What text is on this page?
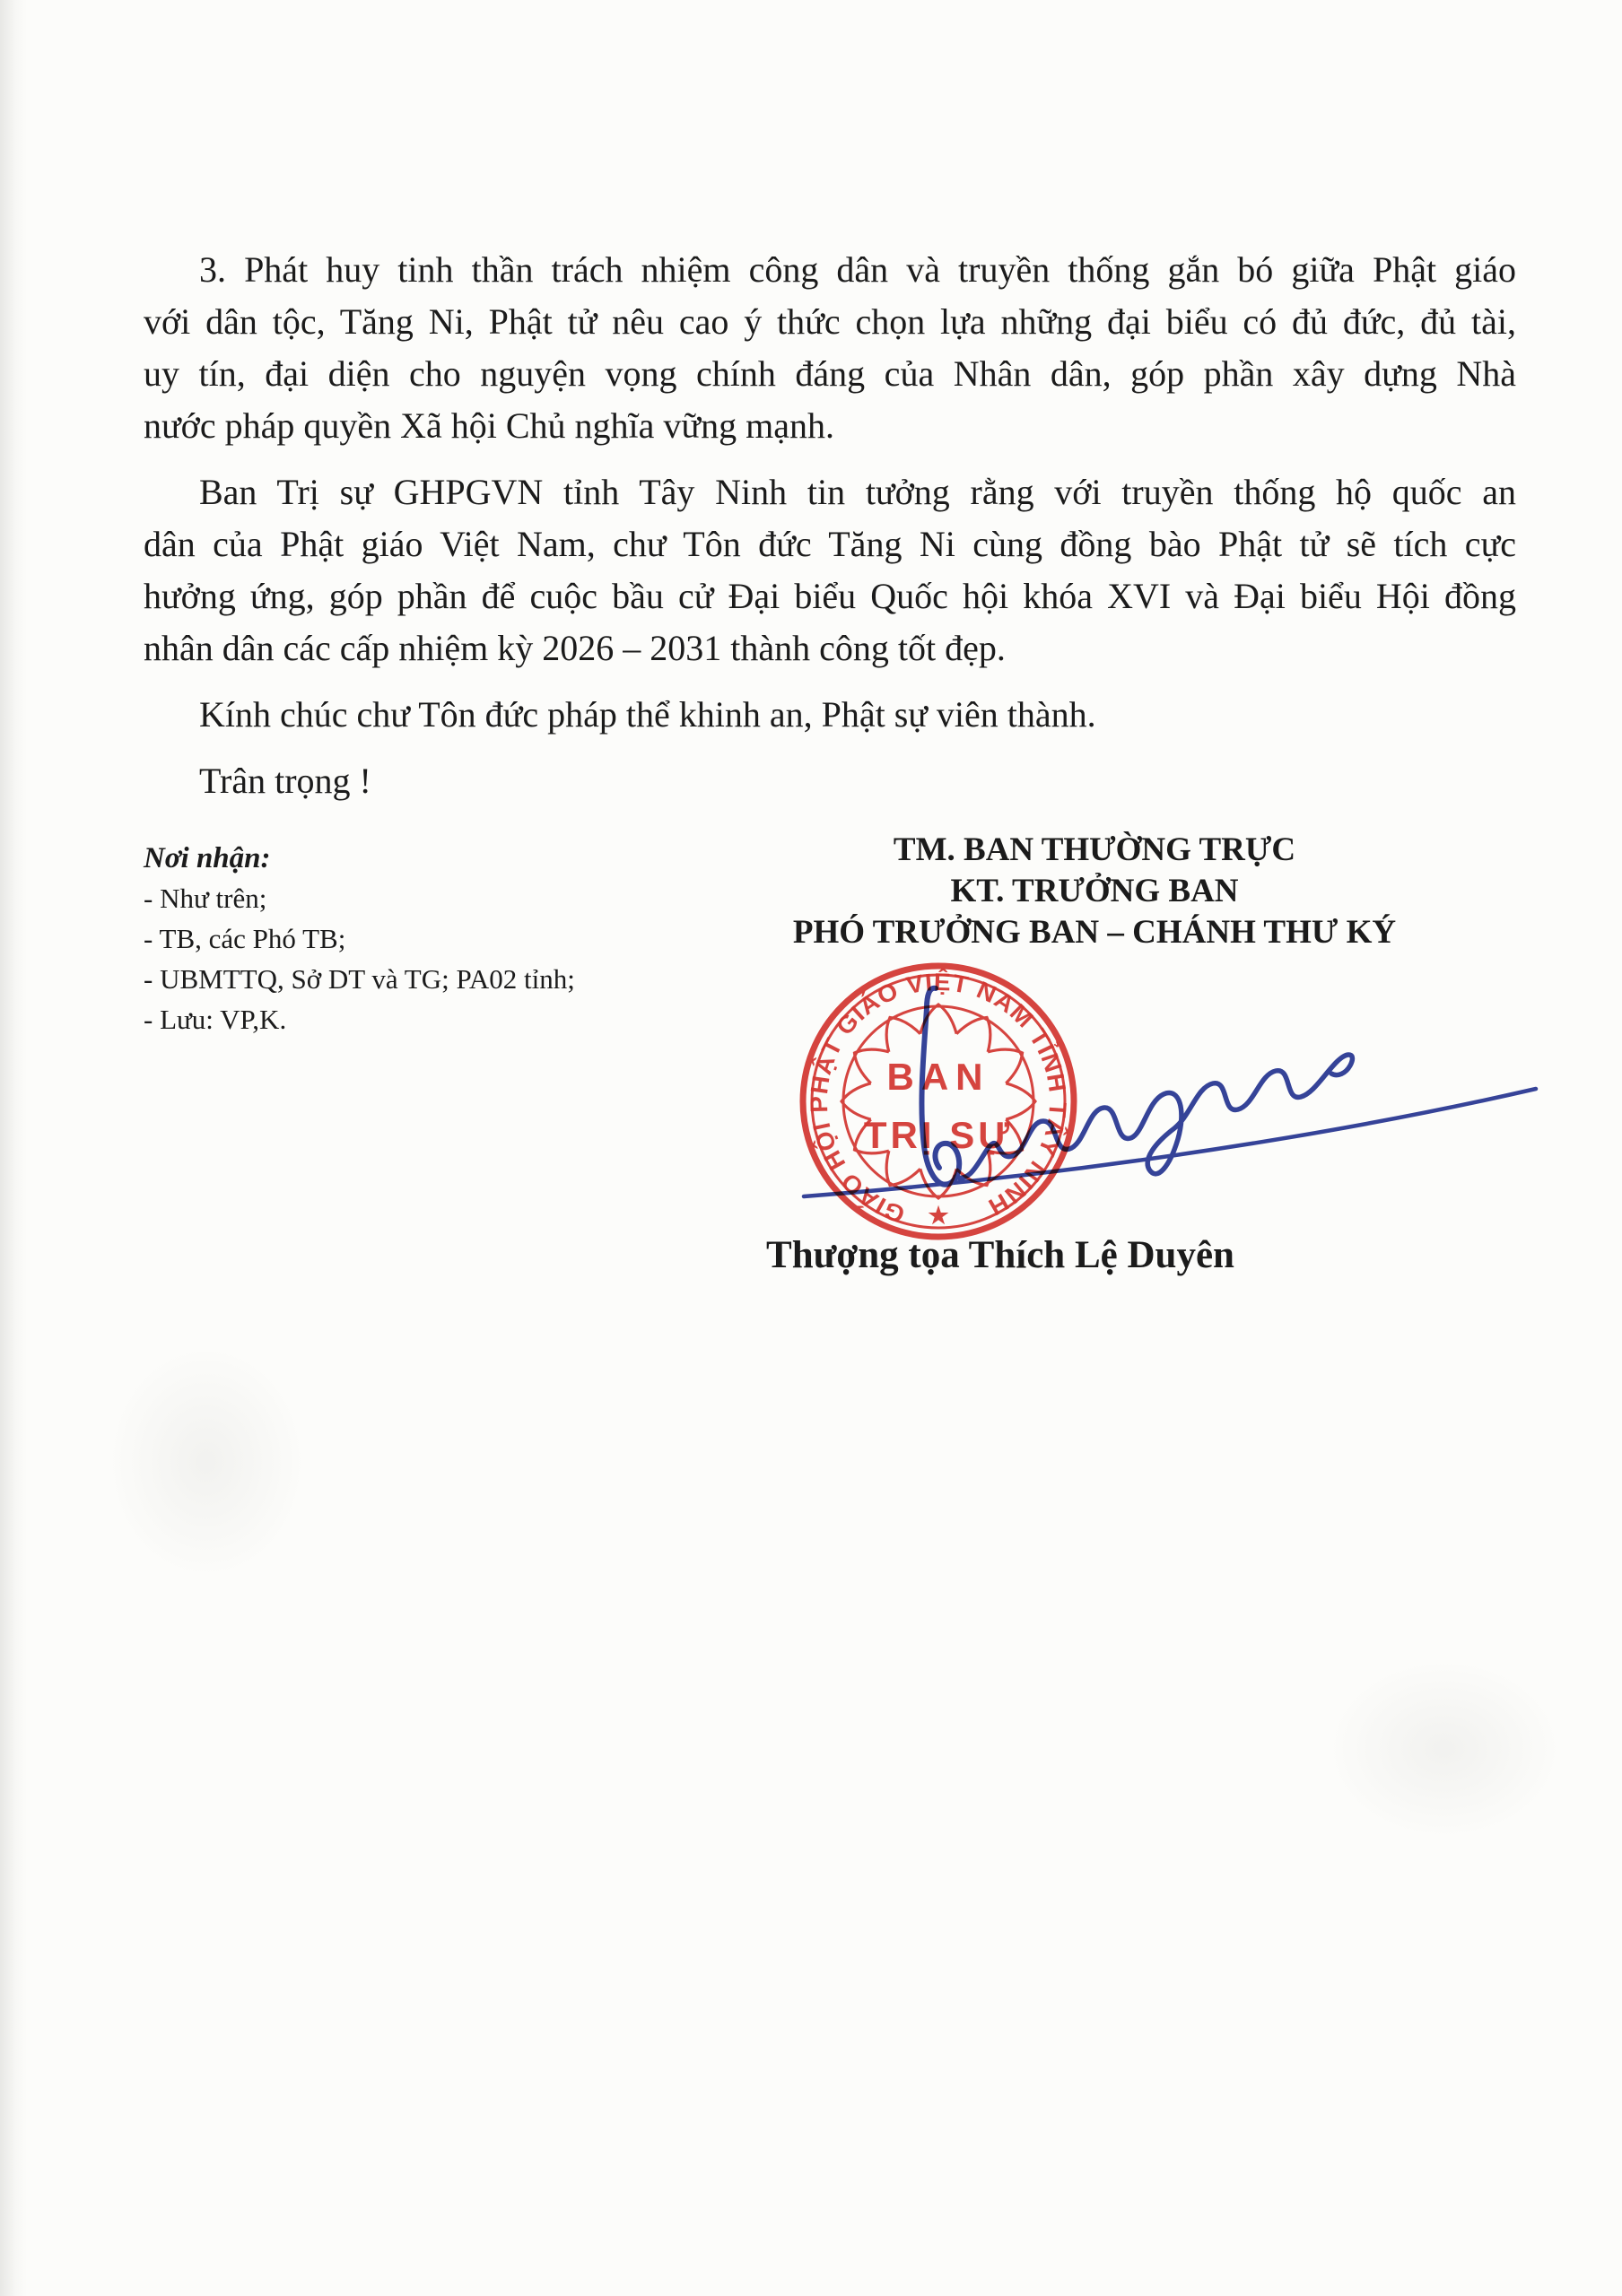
3. Phát huy tinh thần trách nhiệm công dân và truyền thống gắn bó giữa Phật giáo
với dân tộc, Tăng Ni, Phật tử nêu cao ý thức chọn lựa những đại biểu có đủ đức, đủ tài,
uy tín, đại diện cho nguyện vọng chính đáng của Nhân dân, góp phần xây dựng Nhà
nước pháp quyền Xã hội Chủ nghĩa vững mạnh.
Ban Trị sự GHPGVN tỉnh Tây Ninh tin tưởng rằng với truyền thống hộ quốc an
dân của Phật giáo Việt Nam, chư Tôn đức Tăng Ni cùng đồng bào Phật tử sẽ tích cực
hưởng ứng, góp phần để cuộc bầu cử Đại biểu Quốc hội khóa XVI và Đại biểu Hội đồng
nhân dân các cấp nhiệm kỳ 2026 – 2031 thành công tốt đẹp.
Kính chúc chư Tôn đức pháp thể khinh an, Phật sự viên thành.
Trân trọng !
Nơi nhận:
- Như trên;
- TB, các Phó TB;
- UBMTTQ, Sở DT và TG; PA02 tỉnh;
- Lưu: VP,K.
TM. BAN THƯỜNG TRỰC
KT. TRƯỞNG BAN
PHÓ TRƯỞNG BAN – CHÁNH THƯ KÝ
GIÁO HỘI PHẬT GIÁO VIỆT NAM TỈNH TÂY NINH
★
BAN
TRỊ SỰ
Thượng tọa Thích Lệ Duyên
